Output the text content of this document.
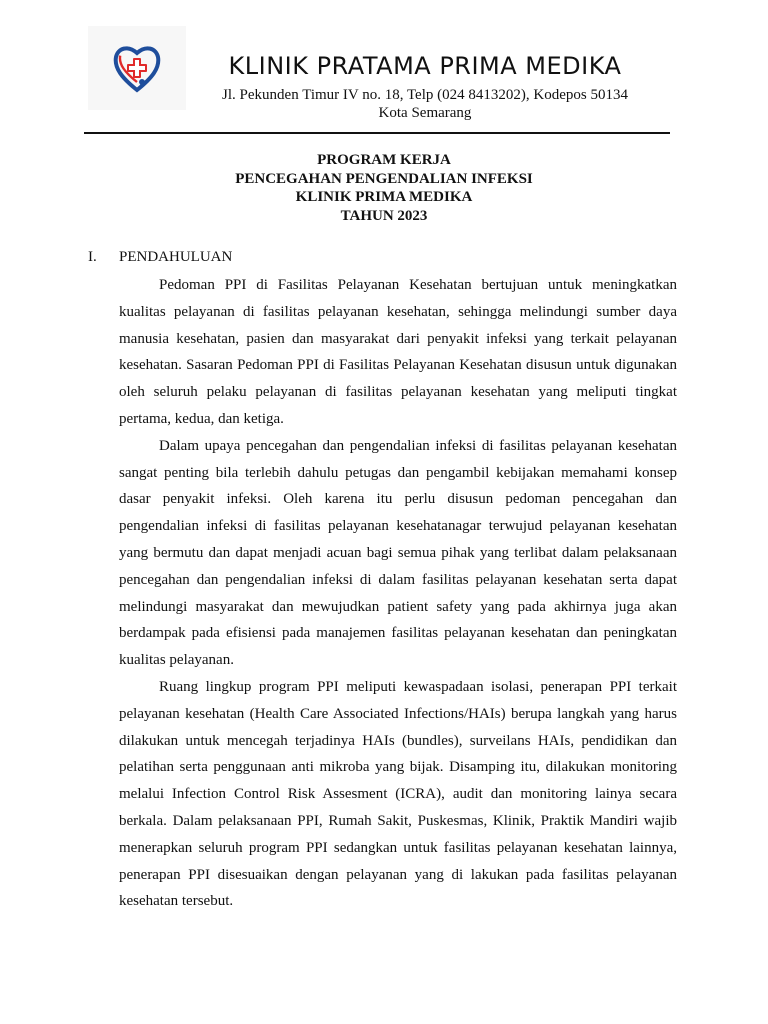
KLINIK PRATAMA PRIMA MEDIKA
Jl. Pekunden Timur IV no. 18, Telp (024 8413202), Kodepos 50134
Kota Semarang
PROGRAM KERJA
PENCEGAHAN PENGENDALIAN INFEKSI
KLINIK PRIMA MEDIKA
TAHUN 2023
I. PENDAHULUAN

Pedoman PPI di Fasilitas Pelayanan Kesehatan bertujuan untuk meningkatkan kualitas pelayanan di fasilitas pelayanan kesehatan, sehingga melindungi sumber daya manusia kesehatan, pasien dan masyarakat dari penyakit infeksi yang terkait pelayanan kesehatan. Sasaran Pedoman PPI di Fasilitas Pelayanan Kesehatan disusun untuk digunakan oleh seluruh pelaku pelayanan di fasilitas pelayanan kesehatan yang meliputi tingkat pertama, kedua, dan ketiga.

Dalam upaya pencegahan dan pengendalian infeksi di fasilitas pelayanan kesehatan sangat penting bila terlebih dahulu petugas dan pengambil kebijakan memahami konsep dasar penyakit infeksi. Oleh karena itu perlu disusun pedoman pencegahan dan pengendalian infeksi di fasilitas pelayanan kesehatanagar terwujud pelayanan kesehatan yang bermutu dan dapat menjadi acuan bagi semua pihak yang terlibat dalam pelaksanaan pencegahan dan pengendalian infeksi di dalam fasilitas pelayanan kesehatan serta dapat melindungi masyarakat dan mewujudkan patient safety yang pada akhirnya juga akan berdampak pada efisiensi pada manajemen fasilitas pelayanan kesehatan dan peningkatan kualitas pelayanan.

Ruang lingkup program PPI meliputi kewaspadaan isolasi, penerapan PPI terkait pelayanan kesehatan (Health Care Associated Infections/HAIs) berupa langkah yang harus dilakukan untuk mencegah terjadinya HAIs (bundles), surveilans HAIs, pendidikan dan pelatihan serta penggunaan anti mikroba yang bijak. Disamping itu, dilakukan monitoring melalui Infection Control Risk Assesment (ICRA), audit dan monitoring lainya secara berkala. Dalam pelaksanaan PPI, Rumah Sakit, Puskesmas, Klinik, Praktik Mandiri wajib menerapkan seluruh program PPI sedangkan untuk fasilitas pelayanan kesehatan lainnya, penerapan PPI disesuaikan dengan pelayanan yang di lakukan pada fasilitas pelayanan kesehatan tersebut.
